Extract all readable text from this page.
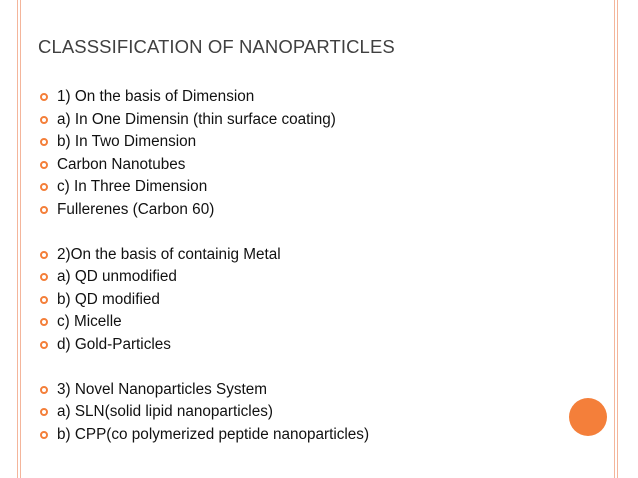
CLASSSIFICATION OF NANOPARTICLES
1) On the basis of Dimension
a) In One Dimensin (thin surface coating)
b) In Two Dimension
Carbon Nanotubes
c) In Three Dimension
Fullerenes (Carbon 60)
2)On the basis of containig Metal
a) QD unmodified
b) QD modified
c) Micelle
d) Gold-Particles
3) Novel Nanoparticles System
a) SLN(solid lipid nanoparticles)
b) CPP(co polymerized peptide nanoparticles)
